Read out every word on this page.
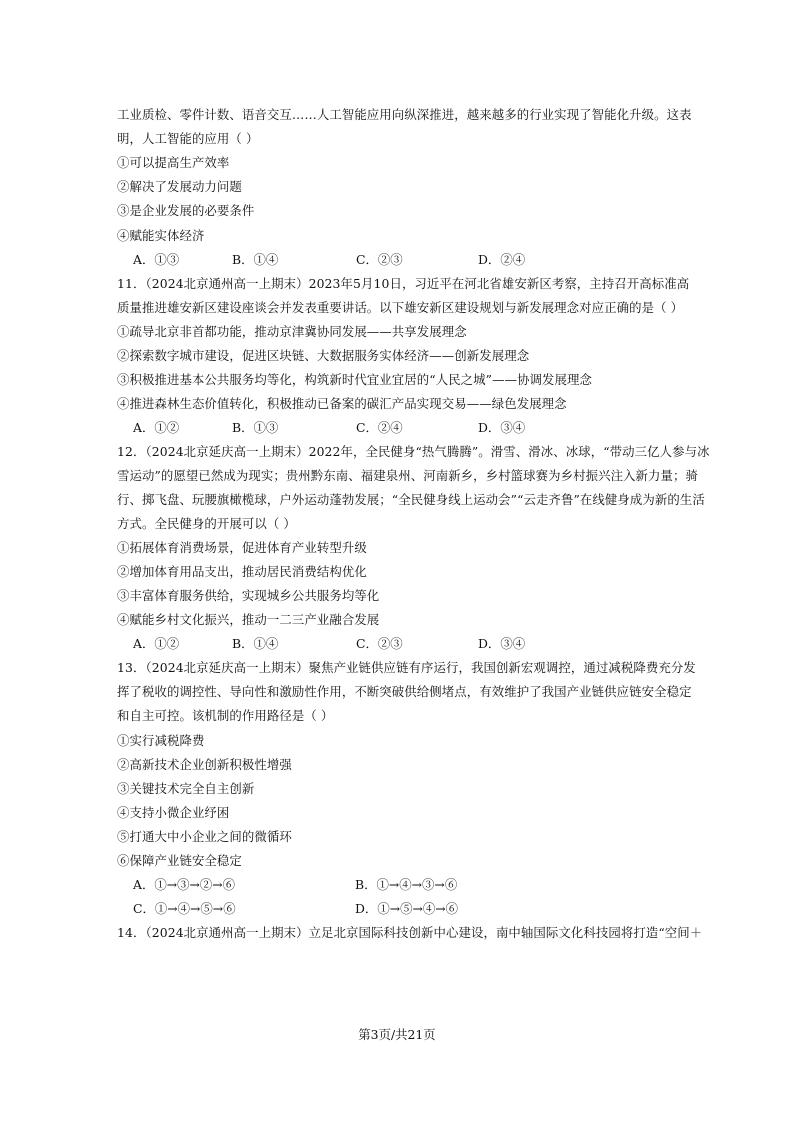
工业质检、零件计数、语音交互……人工智能应用向纵深推进，越来越多的行业实现了智能化升级。这表
明，人工智能的应用（ ）
①可以提高生产效率
②解决了发展动力问题
③是企业发展的必要条件
④赋能实体经济
A．①③	B．①④	C．②③	D．②④
11．（2024北京通州高一上期末）2023年5月10日，习近平在河北省雄安新区考察，主持召开高标准高
质量推进雄安新区建设座谈会并发表重要讲话。以下雄安新区建设规划与新发展理念对应正确的是（ ）
①疏导北京非首都功能，推动京津冀协同发展——共享发展理念
②探索数字城市建设，促进区块链、大数据服务实体经济——创新发展理念
③积极推进基本公共服务均等化，构筑新时代宜业宜居的“人民之城”——协调发展理念
④推进森林生态价值转化，积极推动已备案的碳汇产品实现交易——绿色发展理念
A．①②	B．①③	C．②④	D．③④
12．（2024北京延庆高一上期末）2022年，全民健身“热气腾腾”。滑雪、滑冰、冰球，“带动三亿人参与冰
雪运动”的愿望已然成为现实；贵州黔东南、福建泉州、河南新乡，乡村篮球赛为乡村振兴注入新力量；骑
行、掷飞盘、玩腰旗橄榄球，户外运动蓬勃发展；“全民健身线上运动会”“云走齐鲁”在线健身成为新的生活
方式。全民健身的开展可以（ ）
①拓展体育消费场景，促进体育产业转型升级
②增加体育用品支出，推动居民消费结构优化
③丰富体育服务供给，实现城乡公共服务均等化
④赋能乡村文化振兴，推动一二三产业融合发展
A．①②	B．①④	C．②③	D．③④
13．（2024北京延庆高一上期末）聚焦产业链供应链有序运行，我国创新宏观调控，通过减税降费充分发
挥了税收的调控性、导向性和激励性作用，不断突破供给侧堵点，有效维护了我国产业链供应链安全稳定
和自主可控。该机制的作用路径是（ ）
①实行减税降费
②高新技术企业创新积极性增强
③关键技术完全自主创新
④支持小微企业纾困
⑤打通大中小企业之间的微循环
⑥保障产业链安全稳定
A．①→③→②→⑥	B．①→④→③→⑥
C．①→④→⑤→⑥	D．①→⑤→④→⑥
14．（2024北京通州高一上期末）立足北京国际科技创新中心建设，南中轴国际文化科技园将打造“空间＋
第3页/共21页
